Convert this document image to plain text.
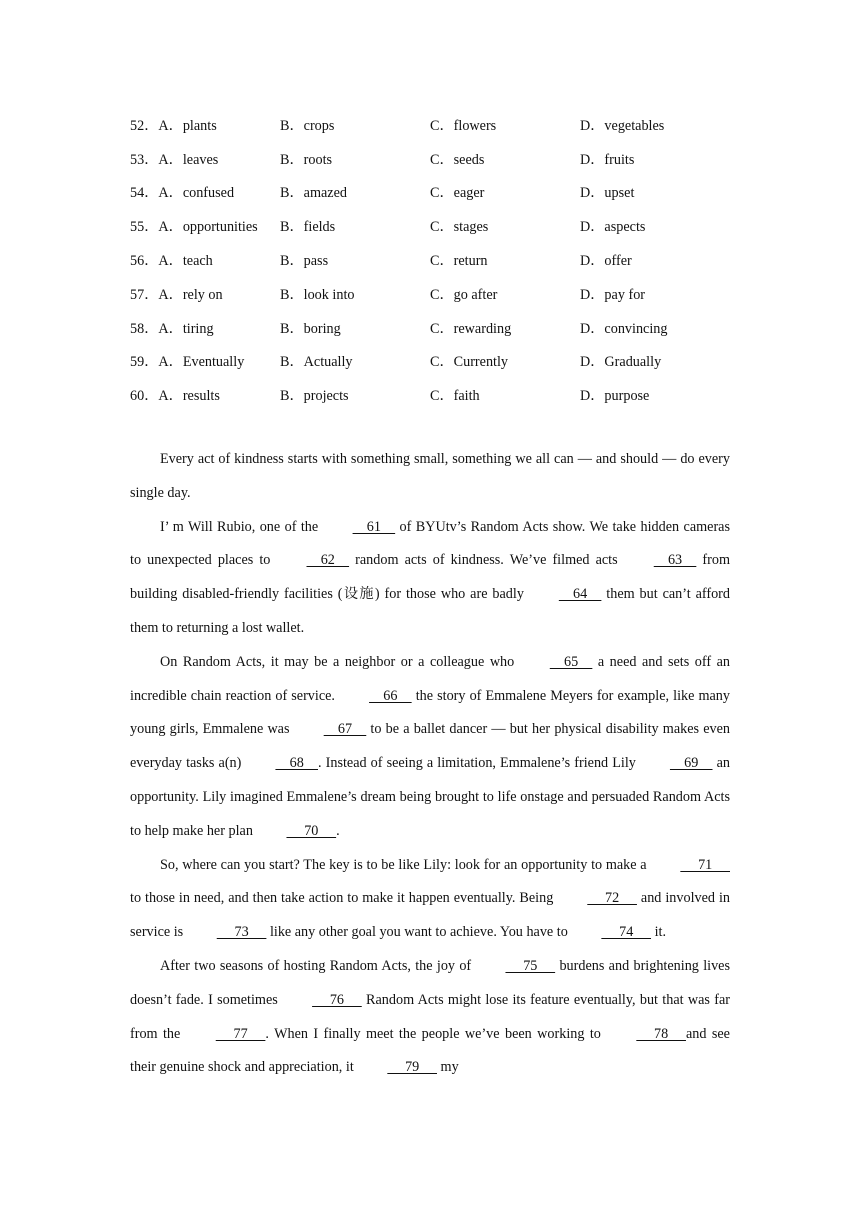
52．A．plants	B．crops	C．flowers	D．vegetables
53．A．leaves	B．roots	C．seeds	D．fruits
54．A．confused	B．amazed	C．eager	D．upset
55．A．opportunities	B．fields	C．stages	D．aspects
56．A．teach	B．pass	C．return	D．offer
57．A．rely on	B．look into	C．go after	D．pay for
58．A．tiring	B．boring	C．rewarding	D．convincing
59．A．Eventually	B．Actually	C．Currently	D．Gradually
60．A．results	B．projects	C．faith	D．purpose

Every act of kindness starts with something small, something we all can — and should — do every single day.

I’ m Will Rubio, one of the     61     of BYUtv’s Random Acts show. We take hidden cameras to unexpected places to     62     random acts of kindness. We’ve filmed acts     63     from building disabled-friendly facilities (设施) for those who are badly     64     them but can’t afford them to returning a lost wallet.

On Random Acts, it may be a neighbor or a colleague who     65     a need and sets off an incredible chain reaction of service.     66     the story of Emmalene Meyers for example, like many young girls, Emmalene was     67     to be a ballet dancer — but her physical disability makes even everyday tasks a(n)     68    . Instead of seeing a limitation, Emmalene’s friend Lily     69     an opportunity. Lily imagined Emmalene’s dream being brought to life onstage and persuaded Random Acts to help make her plan      70     .

So, where can you start? The key is to be like Lily: look for an opportunity to make a      71      to those in need, and then take action to make it happen eventually. Being      72      and involved in service is      73      like any other goal you want to achieve. You have to      74      it.

After two seasons of hosting Random Acts, the joy of      75      burdens and brightening lives doesn’t fade. I sometimes      76      Random Acts might lose its feature eventually, but that was far from the      77     . When I finally meet the people we’ve been working to      78     and see their genuine shock and appreciation, it      79      my
